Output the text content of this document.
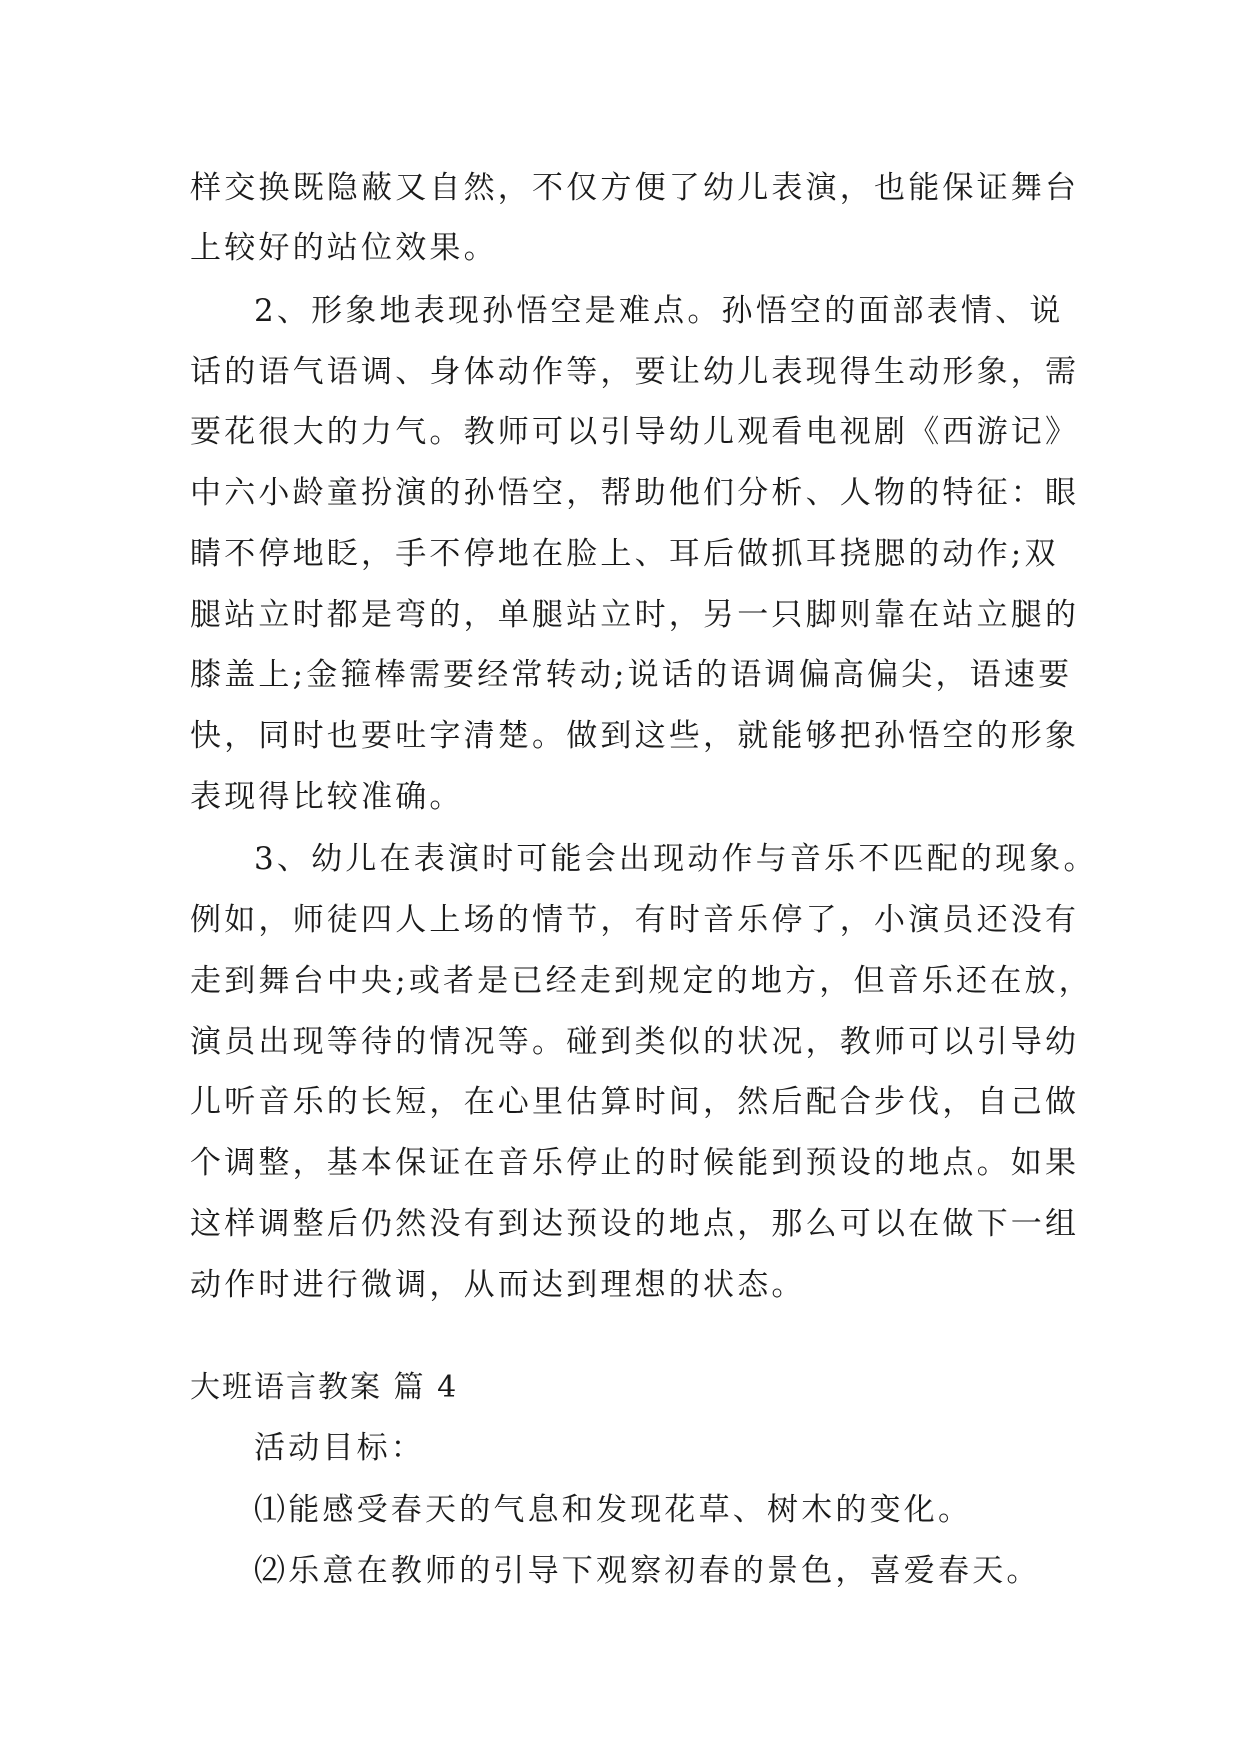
样交换既隐蔽又自然，不仅方便了幼儿表演，也能保证舞台
上较好的站位效果。
2、形象地表现孙悟空是难点。孙悟空的面部表情、说
话的语气语调、身体动作等，要让幼儿表现得生动形象，需
要花很大的力气。教师可以引导幼儿观看电视剧《西游记》
中六小龄童扮演的孙悟空，帮助他们分析、人物的特征：眼
睛不停地眨，手不停地在脸上、耳后做抓耳挠腮的动作;双
腿站立时都是弯的，单腿站立时，另一只脚则靠在站立腿的
膝盖上;金箍棒需要经常转动;说话的语调偏高偏尖，语速要
快，同时也要吐字清楚。做到这些，就能够把孙悟空的形象
表现得比较准确。
3、幼儿在表演时可能会出现动作与音乐不匹配的现象。
例如，师徒四人上场的情节，有时音乐停了，小演员还没有
走到舞台中央;或者是已经走到规定的地方，但音乐还在放，
演员出现等待的情况等。碰到类似的状况，教师可以引导幼
儿听音乐的长短，在心里估算时间，然后配合步伐，自己做
个调整，基本保证在音乐停止的时候能到预设的地点。如果
这样调整后仍然没有到达预设的地点，那么可以在做下一组
动作时进行微调，从而达到理想的状态。
大班语言教案 篇 4
活动目标：
⑴能感受春天的气息和发现花草、树木的变化。
⑵乐意在教师的引导下观察初春的景色，喜爱春天。
